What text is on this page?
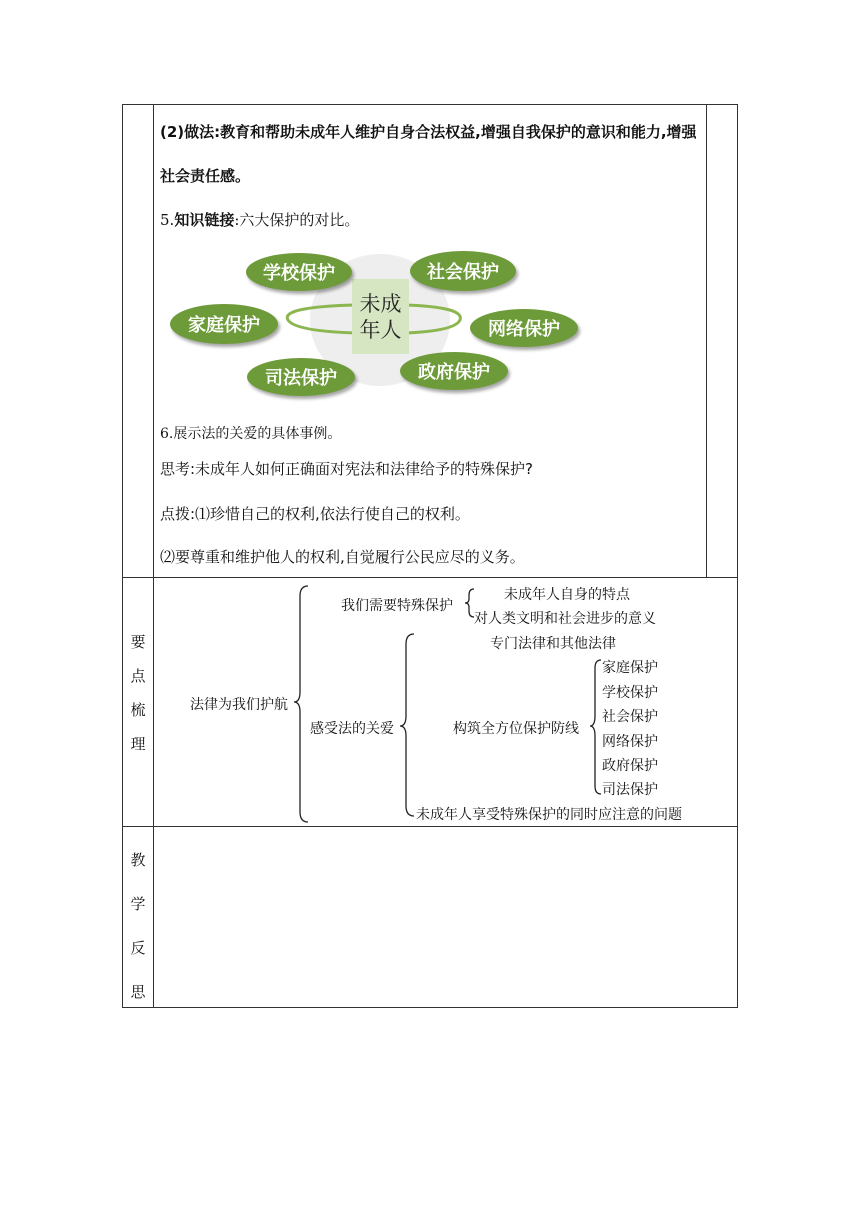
(2)做法:教育和帮助未成年人维护自身合法权益,增强自我保护的意识和能力,增强
社会责任感。
5.知识链接:六大保护的对比。
未成
年人
学校保护	社会保护
家庭保护	网络保护
司法保护	政府保护
6.展示法的关爱的具体事例。
思考:未成年人如何正确面对宪法和法律给予的特殊保护?
点拨:⑴珍惜自己的权利,依法行使自己的权利。
⑵要尊重和维护他人的权利,自觉履行公民应尽的义务。
要
点
梳
理
法律为我们护航
我们需要特殊保护
未成年人自身的特点
对人类文明和社会进步的意义
感受法的关爱
专门法律和其他法律
构筑全方位保护防线
家庭保护
学校保护
社会保护
网络保护
政府保护
司法保护
未成年人享受特殊保护的同时应注意的问题
教
学
反
思
